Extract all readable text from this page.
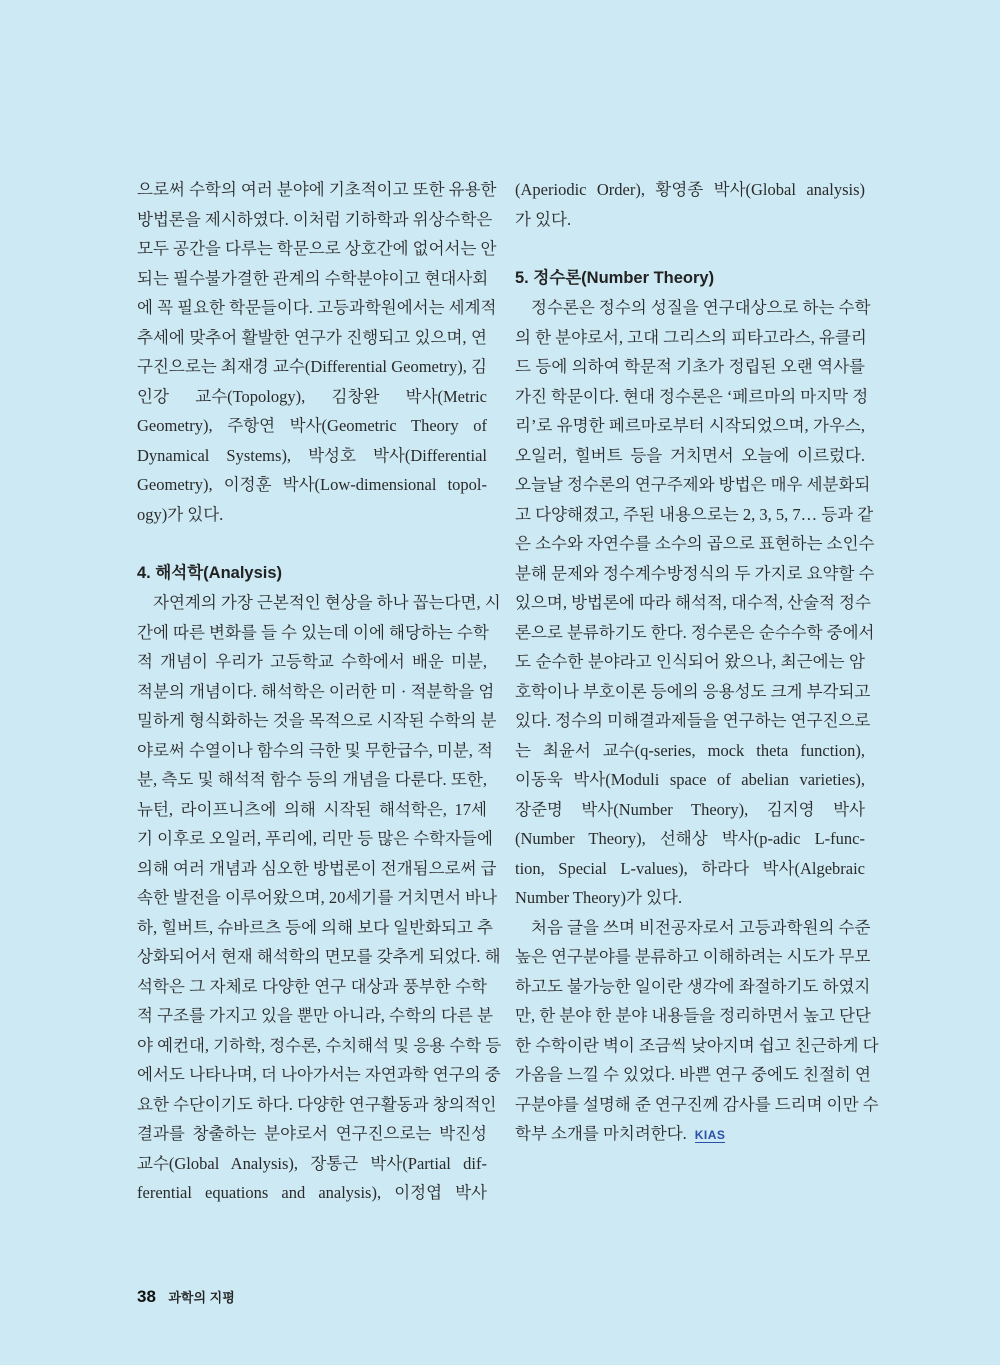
으로써 수학의 여러 분야에 기초적이고 또한 유용한
방법론을 제시하였다. 이처럼 기하학과 위상수학은
모두 공간을 다루는 학문으로 상호간에 없어서는 안
되는 필수불가결한 관계의 수학분야이고 현대사회
에 꼭 필요한 학문들이다. 고등과학원에서는 세계적
추세에 맞추어 활발한 연구가 진행되고 있으며, 연
구진으로는 최재경 교수(Differential Geometry), 김
인강 교수(Topology), 김창완 박사(Metric
Geometry), 주항연 박사(Geometric Theory of
Dynamical Systems), 박성호 박사(Differential
Geometry), 이정훈 박사(Low-dimensional topol-
ogy)가 있다.
4. 해석학(Analysis)
자연계의 가장 근본적인 현상을 하나 꼽는다면, 시
간에 따른 변화를 들 수 있는데 이에 해당하는 수학
적 개념이 우리가 고등학교 수학에서 배운 미분,
적분의 개념이다. 해석학은 이러한 미 · 적분학을 엄
밀하게 형식화하는 것을 목적으로 시작된 수학의 분
야로써 수열이나 함수의 극한 및 무한급수, 미분, 적
분, 측도 및 해석적 함수 등의 개념을 다룬다. 또한,
뉴턴, 라이프니츠에 의해 시작된 해석학은, 17세
기 이후로 오일러, 푸리에, 리만 등 많은 수학자들에
의해 여러 개념과 심오한 방법론이 전개됨으로써 급
속한 발전을 이루어왔으며, 20세기를 거치면서 바나
하, 힐버트, 슈바르츠 등에 의해 보다 일반화되고 추
상화되어서 현재 해석학의 면모를 갖추게 되었다. 해
석학은 그 자체로 다양한 연구 대상과 풍부한 수학
적 구조를 가지고 있을 뿐만 아니라, 수학의 다른 분
야 예컨대, 기하학, 정수론, 수치해석 및 응용 수학 등
에서도 나타나며, 더 나아가서는 자연과학 연구의 중
요한 수단이기도 하다. 다양한 연구활동과 창의적인
결과를 창출하는 분야로서 연구진으로는 박진성
교수(Global Analysis), 장통근 박사(Partial dif-
ferential equations and analysis), 이정엽 박사
(Aperiodic Order), 황영종 박사(Global analysis)
가 있다.
5. 정수론(Number Theory)
정수론은 정수의 성질을 연구대상으로 하는 수학
의 한 분야로서, 고대 그리스의 피타고라스, 유클리
드 등에 의하여 학문적 기초가 정립된 오랜 역사를
가진 학문이다. 현대 정수론은 ‘페르마의 마지막 정
리’로 유명한 페르마로부터 시작되었으며, 가우스,
오일러, 힐버트 등을 거치면서 오늘에 이르렀다.
오늘날 정수론의 연구주제와 방법은 매우 세분화되
고 다양해졌고, 주된 내용으로는 2, 3, 5, 7… 등과 같
은 소수와 자연수를 소수의 곱으로 표현하는 소인수
분해 문제와 정수계수방정식의 두 가지로 요약할 수
있으며, 방법론에 따라 해석적, 대수적, 산술적 정수
론으로 분류하기도 한다. 정수론은 순수수학 중에서
도 순수한 분야라고 인식되어 왔으나, 최근에는 암
호학이나 부호이론 등에의 응용성도 크게 부각되고
있다. 정수의 미해결과제들을 연구하는 연구진으로
는 최윤서 교수(q-series, mock theta function),
이동욱 박사(Moduli space of abelian varieties),
장준명 박사(Number Theory), 김지영 박사
(Number Theory), 선해상 박사(p-adic L-func-
tion, Special L-values), 하라다 박사(Algebraic
Number Theory)가 있다.
처음 글을 쓰며 비전공자로서 고등과학원의 수준
높은 연구분야를 분류하고 이해하려는 시도가 무모
하고도 불가능한 일이란 생각에 좌절하기도 하였지
만, 한 분야 한 분야 내용들을 정리하면서 높고 단단
한 수학이란 벽이 조금씩 낮아지며 쉽고 친근하게 다
가옴을 느낄 수 있었다. 바쁜 연구 중에도 친절히 연
구분야를 설명해 준 연구진께 감사를 드리며 이만 수
학부 소개를 마치려한다. KIAS
38 과학의 지평
